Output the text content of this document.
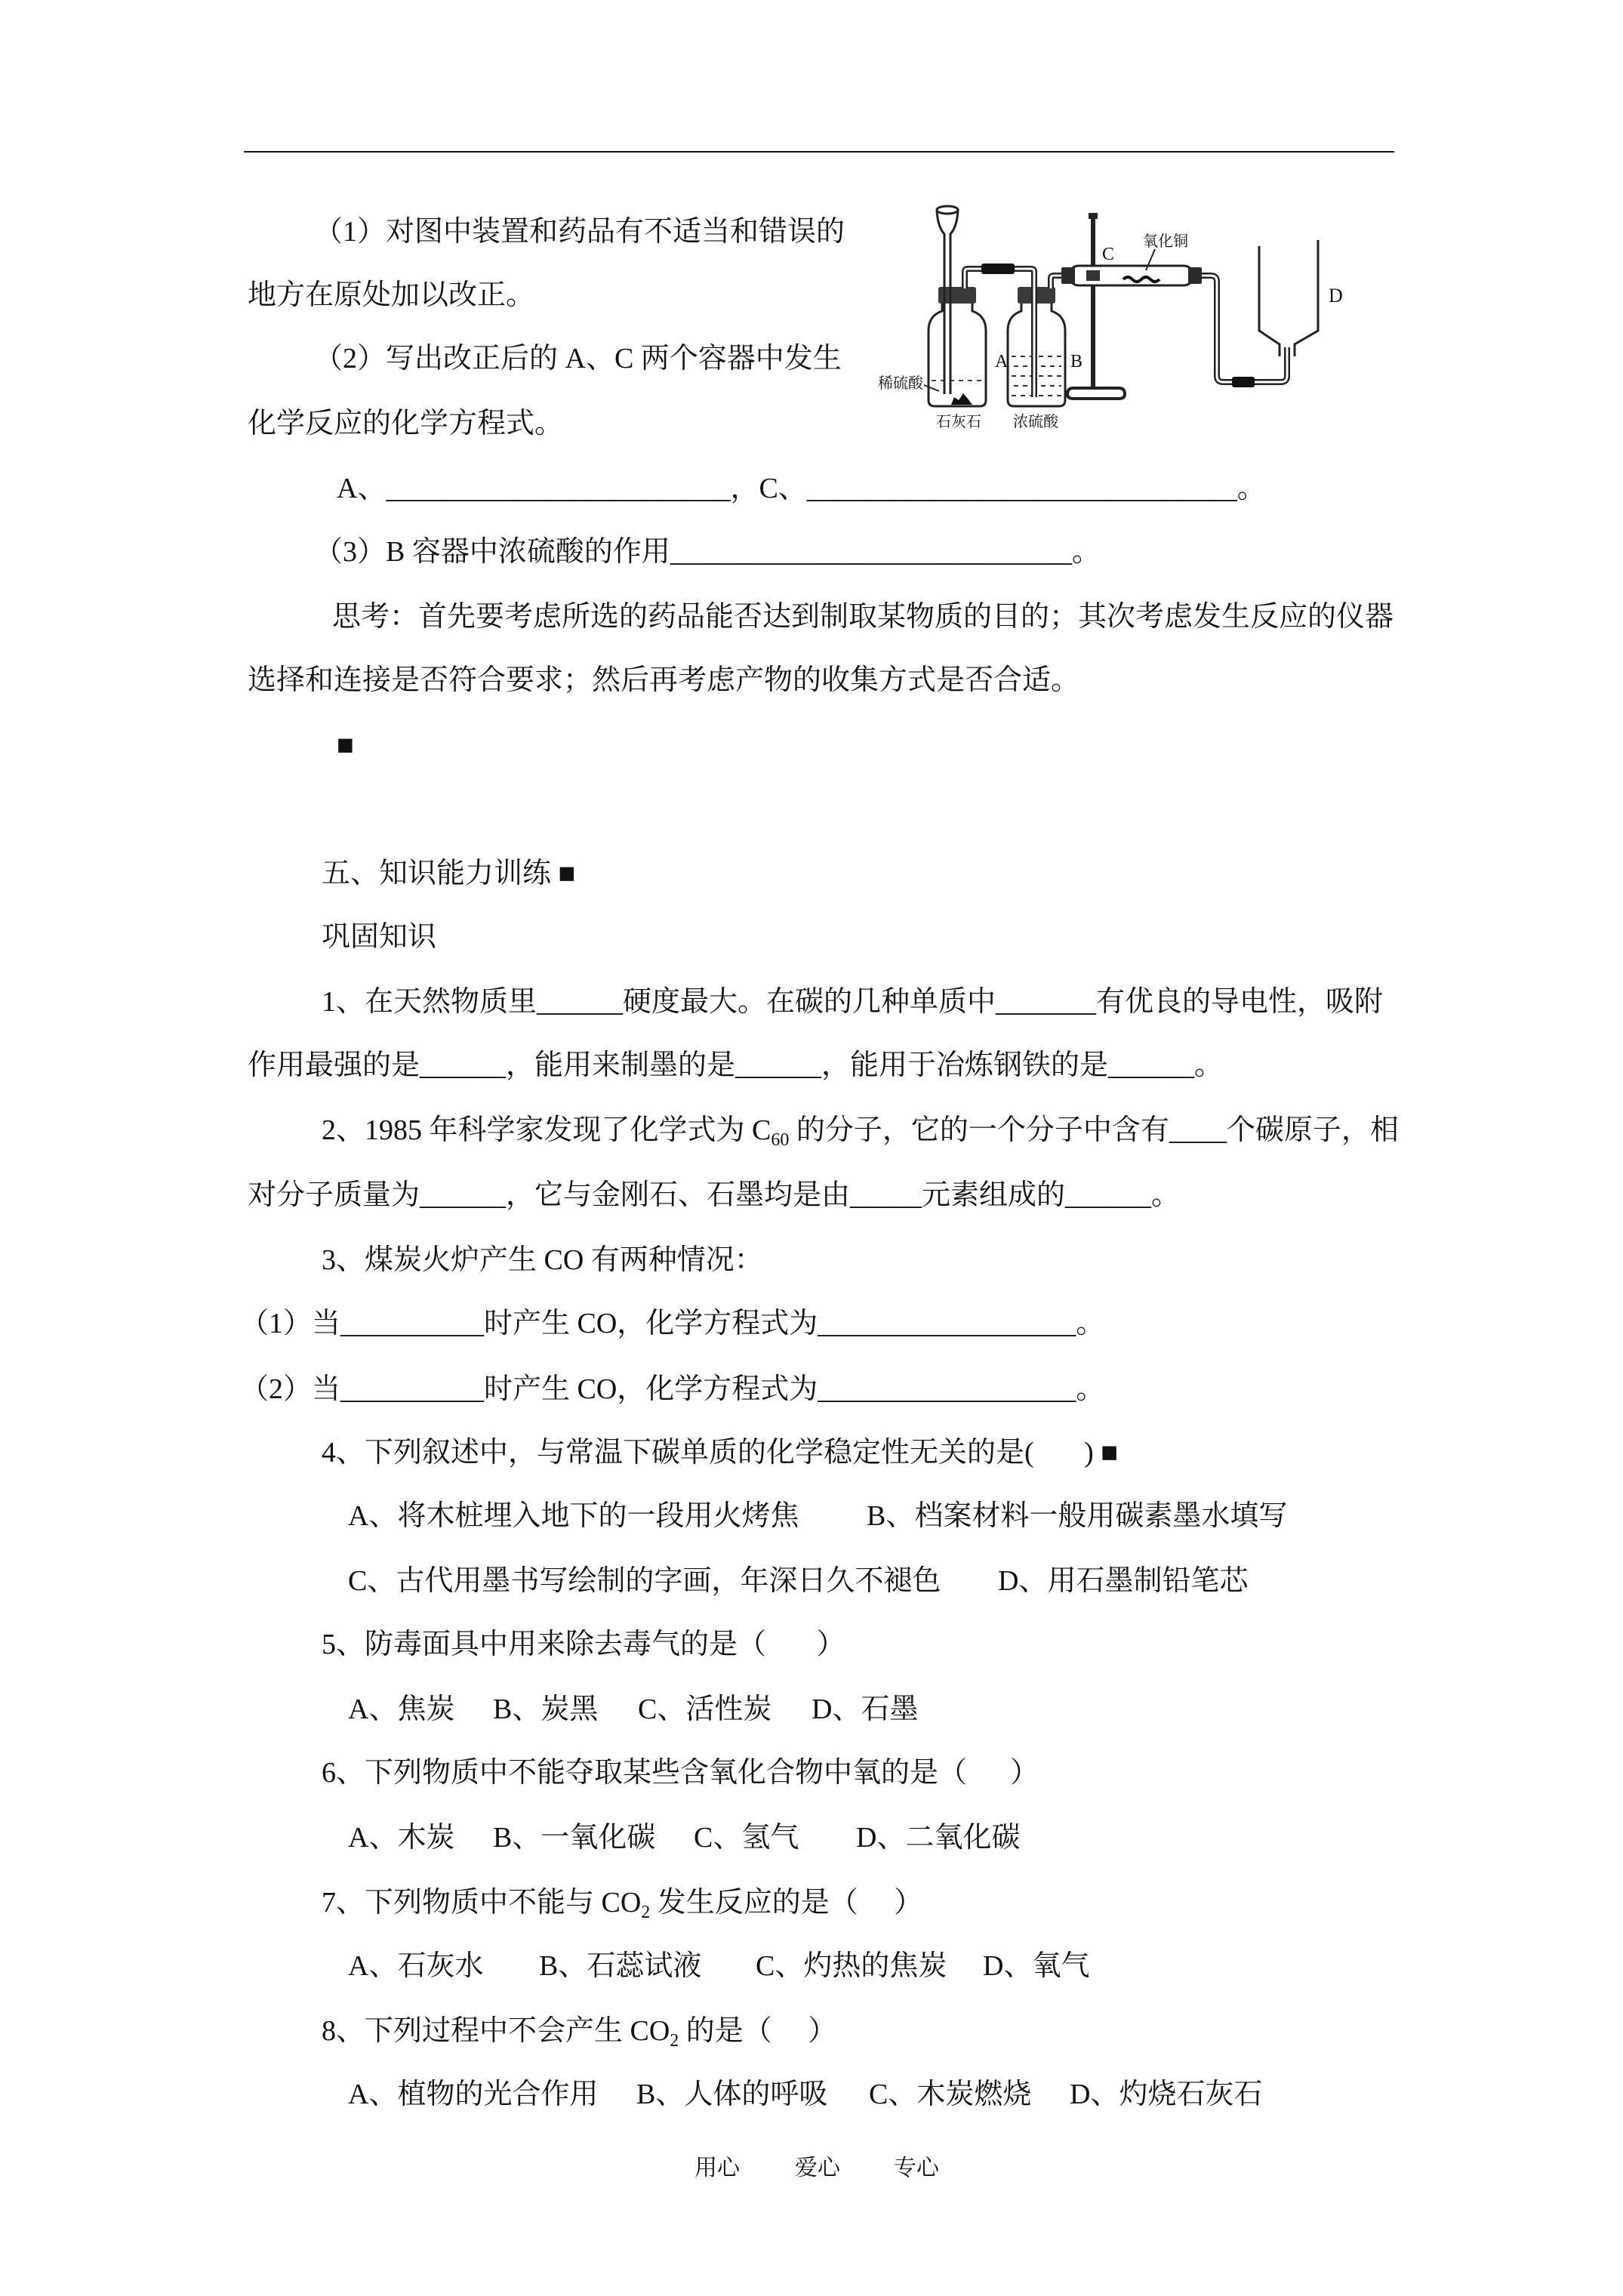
C
氧化铜
D
稀硫酸
A	B
石灰石 浓硫酸
（1）对图中装置和药品有不适当和错误的
地方在原处加以改正。
（2）写出改正后的 A、C 两个容器中发生
化学反应的化学方程式。
A、________________________，C、______________________________。
（3）B 容器中浓硫酸的作用____________________________。
思考：首先要考虑所选的药品能否达到制取某物质的目的；其次考虑发生反应的仪器
选择和连接是否符合要求；然后再考虑产物的收集方式是否合适。
■
五、知识能力训练 ■
巩固知识
1、在天然物质里______硬度最大。在碳的几种单质中_______有优良的导电性，吸附
作用最强的是______，能用来制墨的是______，能用于冶炼钢铁的是______。
2、1985 年科学家发现了化学式为 $C_{60}$ 的分子，它的一个分子中含有____个碳原子，相
对分子质量为______，它与金刚石、石墨均是由_____元素组成的______。
3、煤炭火炉产生 CO 有两种情况：
（1）当__________时产生 CO，化学方程式为__________________。
（2）当__________时产生 CO，化学方程式为__________________。
4、下列叙述中，与常温下碳单质的化学稳定性无关的是(       ) ■
A、将木桩埋入地下的一段用火烤焦 B、档案材料一般用碳素墨水填写
C、古代用墨书写绘制的字画，年深日久不褪色 D、用石墨制铅笔芯
5、防毒面具中用来除去毒气的是（       ）
A、焦炭 B、炭黑 C、活性炭 D、石墨
6、下列物质中不能夺取某些含氧化合物中氧的是（      ）
A、木炭 B、一氧化碳 C、氢气 D、二氧化碳
7、下列物质中不能与 $CO_2$ 发生反应的是（     ）
A、石灰水 B、石蕊试液 C、灼热的焦炭 D、氧气
8、下列过程中不会产生 $CO_2$ 的是（     ）
A、植物的光合作用 B、人体的呼吸 C、木炭燃烧 D、灼烧石灰石
用心 爱心 专心
